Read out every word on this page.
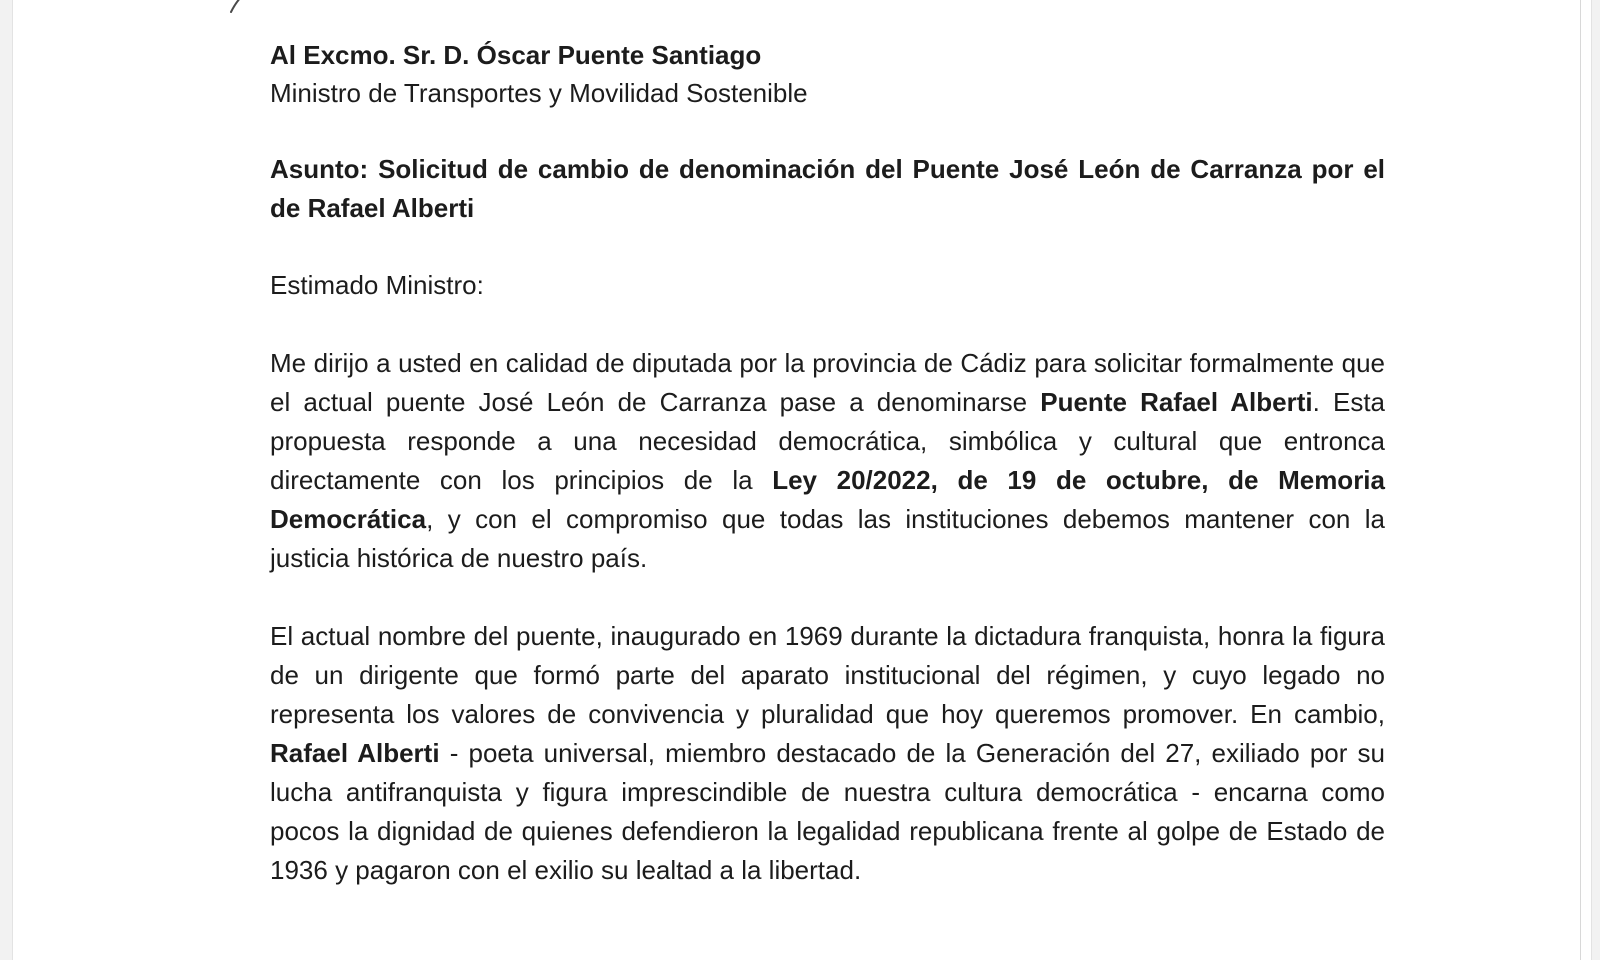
Al Excmo. Sr. D. Óscar Puente Santiago
Ministro de Transportes y Movilidad Sostenible
Asunto: Solicitud de cambio de denominación del Puente José León de Carranza por el de Rafael Alberti
Estimado Ministro:

Me dirijo a usted en calidad de diputada por la provincia de Cádiz para solicitar formalmente que el actual puente José León de Carranza pase a denominarse Puente Rafael Alberti. Esta propuesta responde a una necesidad democrática, simbólica y cultural que entronca directamente con los principios de la Ley 20/2022, de 19 de octubre, de Memoria Democrática, y con el compromiso que todas las instituciones debemos mantener con la justicia histórica de nuestro país.

El actual nombre del puente, inaugurado en 1969 durante la dictadura franquista, honra la figura de un dirigente que formó parte del aparato institucional del régimen, y cuyo legado no representa los valores de convivencia y pluralidad que hoy queremos promover. En cambio, Rafael Alberti - poeta universal, miembro destacado de la Generación del 27, exiliado por su lucha antifranquista y figura imprescindible de nuestra cultura democrática - encarna como pocos la dignidad de quienes defendieron la legalidad republicana frente al golpe de Estado de 1936 y pagaron con el exilio su lealtad a la libertad.
